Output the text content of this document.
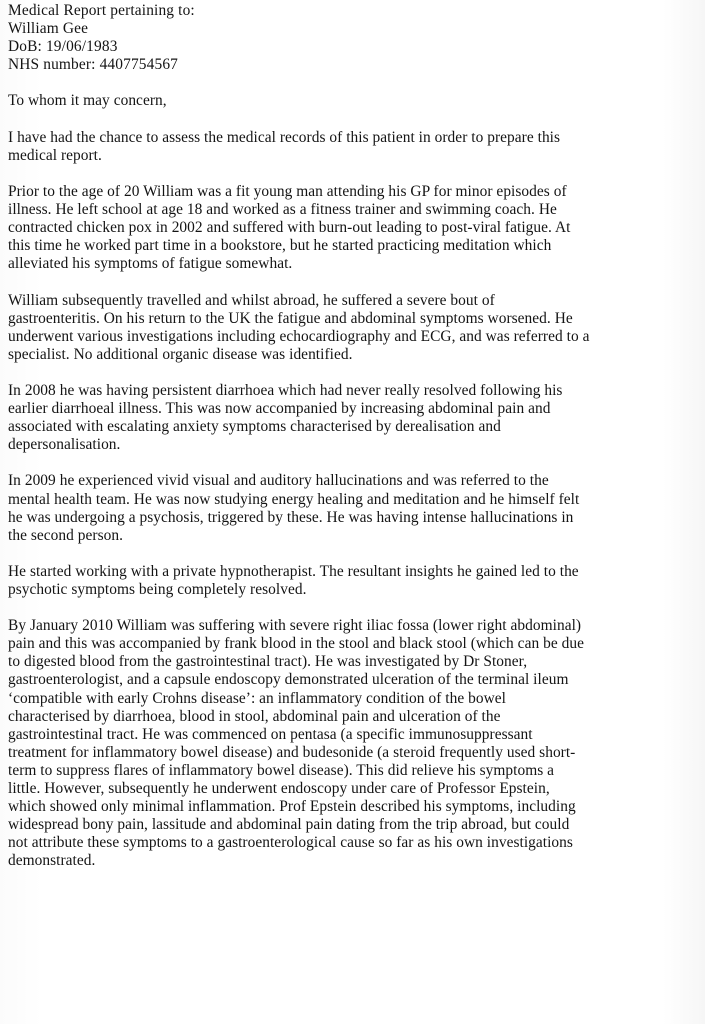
Medical Report pertaining to:
William Gee
DoB: 19/06/1983
NHS number: 4407754567
To whom it may concern,
I have had the chance to assess the medical records of this patient in order to prepare this
medical report.
Prior to the age of 20 William was a fit young man attending his GP for minor episodes of
illness. He left school at age 18 and worked as a fitness trainer and swimming coach. He
contracted chicken pox in 2002 and suffered with burn-out leading to post-viral fatigue. At
this time he worked part time in a bookstore, but he started practicing meditation which
alleviated his symptoms of fatigue somewhat.
William subsequently travelled and whilst abroad, he suffered a severe bout of
gastroenteritis. On his return to the UK the fatigue and abdominal symptoms worsened. He
underwent various investigations including echocardiography and ECG, and was referred to a
specialist. No additional organic disease was identified.
In 2008 he was having persistent diarrhoea which had never really resolved following his
earlier diarrhoeal illness. This was now accompanied by increasing abdominal pain and
associated with escalating anxiety symptoms characterised by derealisation and
depersonalisation.
In 2009 he experienced vivid visual and auditory hallucinations and was referred to the
mental health team. He was now studying energy healing and meditation and he himself felt
he was undergoing a psychosis, triggered by these. He was having intense hallucinations in
the second person.
He started working with a private hypnotherapist. The resultant insights he gained led to the
psychotic symptoms being completely resolved.
By January 2010 William was suffering with severe right iliac fossa (lower right abdominal)
pain and this was accompanied by frank blood in the stool and black stool (which can be due
to digested blood from the gastrointestinal tract). He was investigated by Dr Stoner,
gastroenterologist, and a capsule endoscopy demonstrated ulceration of the terminal ileum
‘compatible with early Crohns disease’: an inflammatory condition of the bowel
characterised by diarrhoea, blood in stool, abdominal pain and ulceration of the
gastrointestinal tract. He was commenced on pentasa (a specific immunosuppressant
treatment for inflammatory bowel disease) and budesonide (a steroid frequently used short-
term to suppress flares of inflammatory bowel disease). This did relieve his symptoms a
little. However, subsequently he underwent endoscopy under care of Professor Epstein,
which showed only minimal inflammation. Prof Epstein described his symptoms, including
widespread bony pain, lassitude and abdominal pain dating from the trip abroad, but could
not attribute these symptoms to a gastroenterological cause so far as his own investigations
demonstrated.
